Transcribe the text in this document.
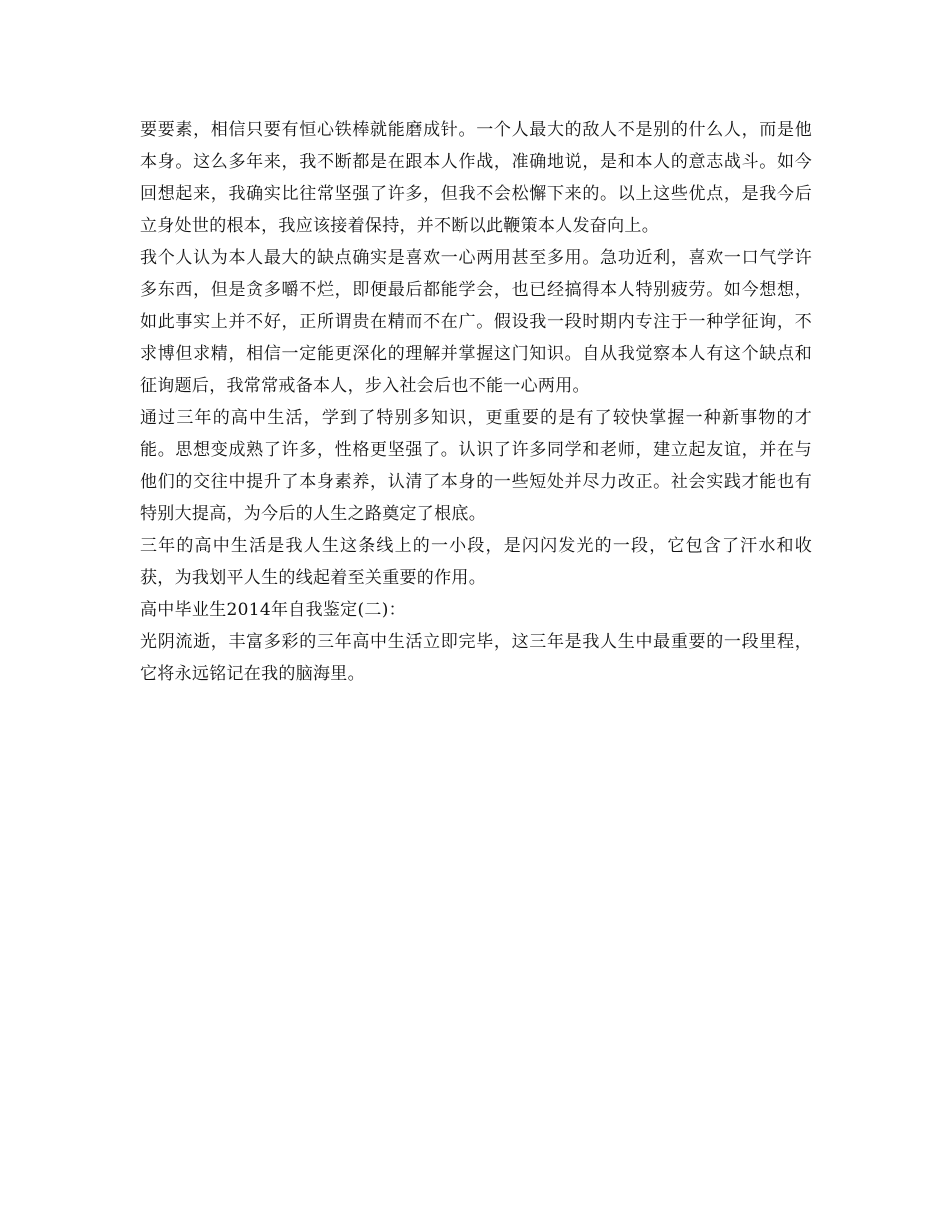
要要素，相信只要有恒心铁棒就能磨成针。一个人最大的敌人不是别的什么人，而是他本身。这么多年来，我不断都是在跟本人作战，准确地说，是和本人的意志战斗。如今回想起来，我确实比往常坚强了许多，但我不会松懈下来的。以上这些优点，是我今后立身处世的根本，我应该接着保持，并不断以此鞭策本人发奋向上。

我个人认为本人最大的缺点确实是喜欢一心两用甚至多用。急功近利，喜欢一口气学许多东西，但是贪多嚼不烂，即便最后都能学会，也已经搞得本人特别疲劳。如今想想，如此事实上并不好，正所谓贵在精而不在广。假设我一段时期内专注于一种学征询，不求博但求精，相信一定能更深化的理解并掌握这门知识。自从我觉察本人有这个缺点和征询题后，我常常戒备本人，步入社会后也不能一心两用。

通过三年的高中生活，学到了特别多知识，更重要的是有了较快掌握一种新事物的才能。思想变成熟了许多，性格更坚强了。认识了许多同学和老师，建立起友谊，并在与他们的交往中提升了本身素养，认清了本身的一些短处并尽力改正。社会实践才能也有特别大提高，为今后的人生之路奠定了根底。

三年的高中生活是我人生这条线上的一小段，是闪闪发光的一段，它包含了汗水和收获，为我划平人生的线起着至关重要的作用。

高中毕业生2014年自我鉴定(二)：

光阴流逝，丰富多彩的三年高中生活立即完毕，这三年是我人生中最重要的一段里程，它将永远铭记在我的脑海里。
